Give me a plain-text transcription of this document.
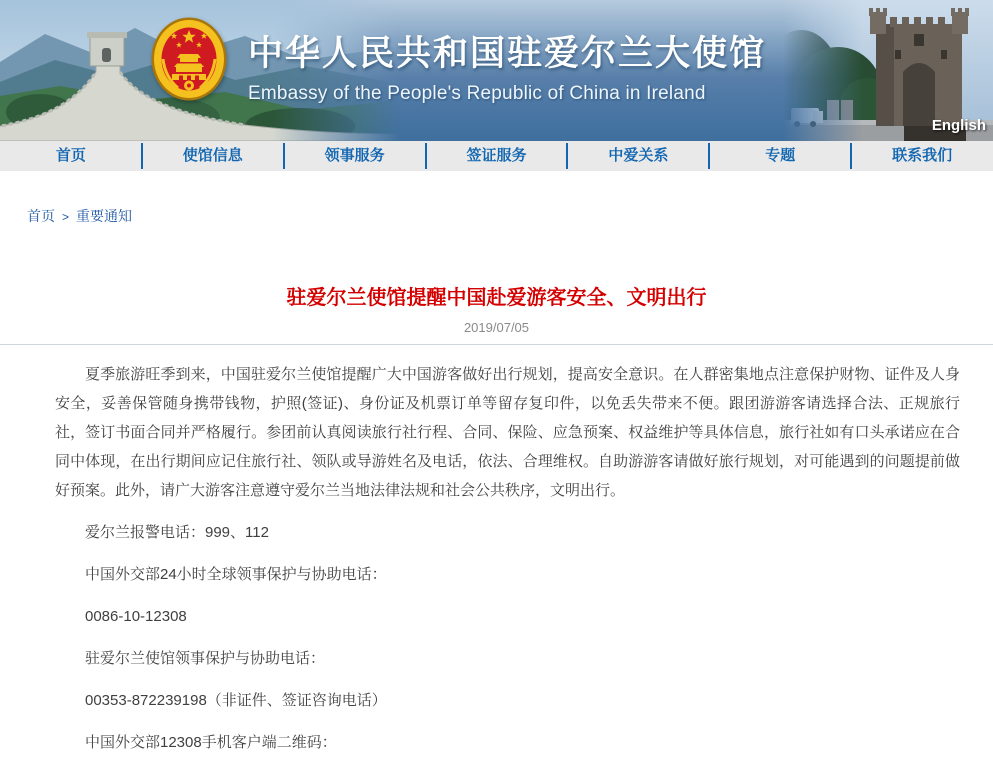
中华人民共和国驻爱尔兰大使馆
Embassy of the People's Republic of China in Ireland
English
首页	使馆信息	领事服务	签证服务	中爱关系	专题	联系我们
首页 > 重要通知
驻爱尔兰使馆提醒中国赴爱游客安全、文明出行
2019/07/05

夏季旅游旺季到来，中国驻爱尔兰使馆提醒广大中国游客做好出行规划，提高安全意识。在人群密集地点注意保护财物、证件及人身安全，妥善保管随身携带钱物，护照(签证)、身份证及机票订单等留存复印件，以免丢失带来不便。跟团游游客请选择合法、正规旅行社，签订书面合同并严格履行。参团前认真阅读旅行社行程、合同、保险、应急预案、权益维护等具体信息，旅行社如有口头承诺应在合同中体现，在出行期间应记住旅行社、领队或导游姓名及电话，依法、合理维权。自助游游客请做好旅行规划，对可能遇到的问题提前做好预案。此外，请广大游客注意遵守爱尔兰当地法律法规和社会公共秩序，文明出行。

爱尔兰报警电话：999、112

中国外交部24小时全球领事保护与协助电话：

0086-10-12308

驻爱尔兰使馆领事保护与协助电话：

00353-872239198（非证件、签证咨询电话）

中国外交部12308手机客户端二维码：
